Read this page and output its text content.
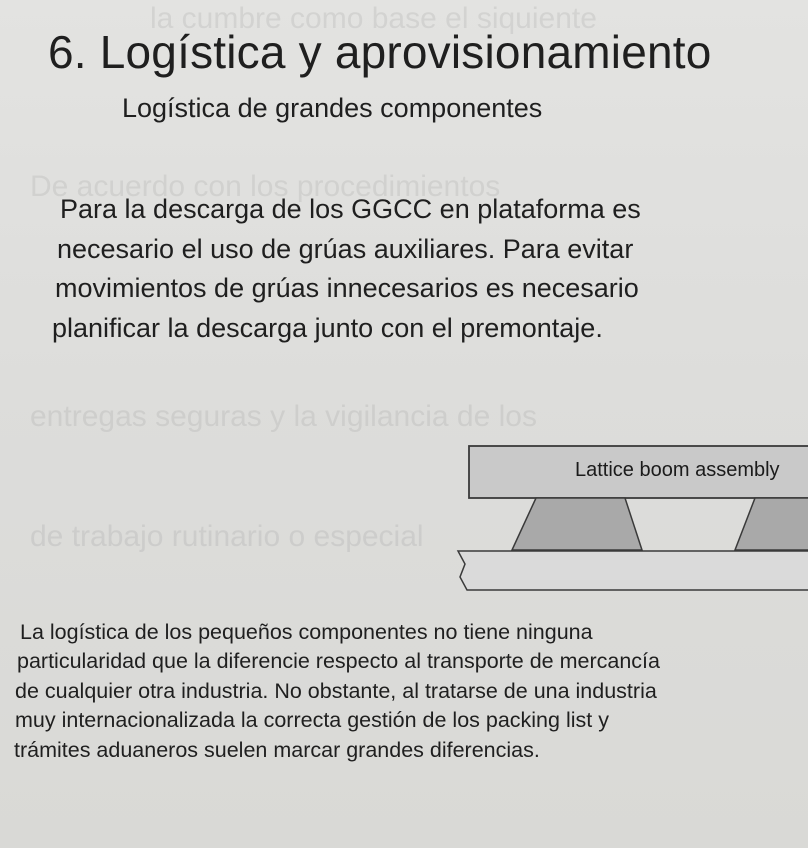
la cumbre como base el siquiente
De acuerdo con los procedimientos
entregas seguras y la vigilancia de los
de trabajo rutinario o especial
6. Logística y aprovisionamiento
Logística de grandes componentes

Para la descarga de los GGCC en plataforma es
necesario el uso de grúas auxiliares. Para evitar
movimientos de grúas innecesarios es necesario
planificar la descarga junto con el premontaje.

Lattice boom assembly

La logística de los pequeños componentes no tiene ninguna
particularidad que la diferencie respecto al transporte de mercancía
de cualquier otra industria. No obstante, al tratarse de una industria
muy internacionalizada la correcta gestión de los packing list y
trámites aduaneros suelen marcar grandes diferencias.
